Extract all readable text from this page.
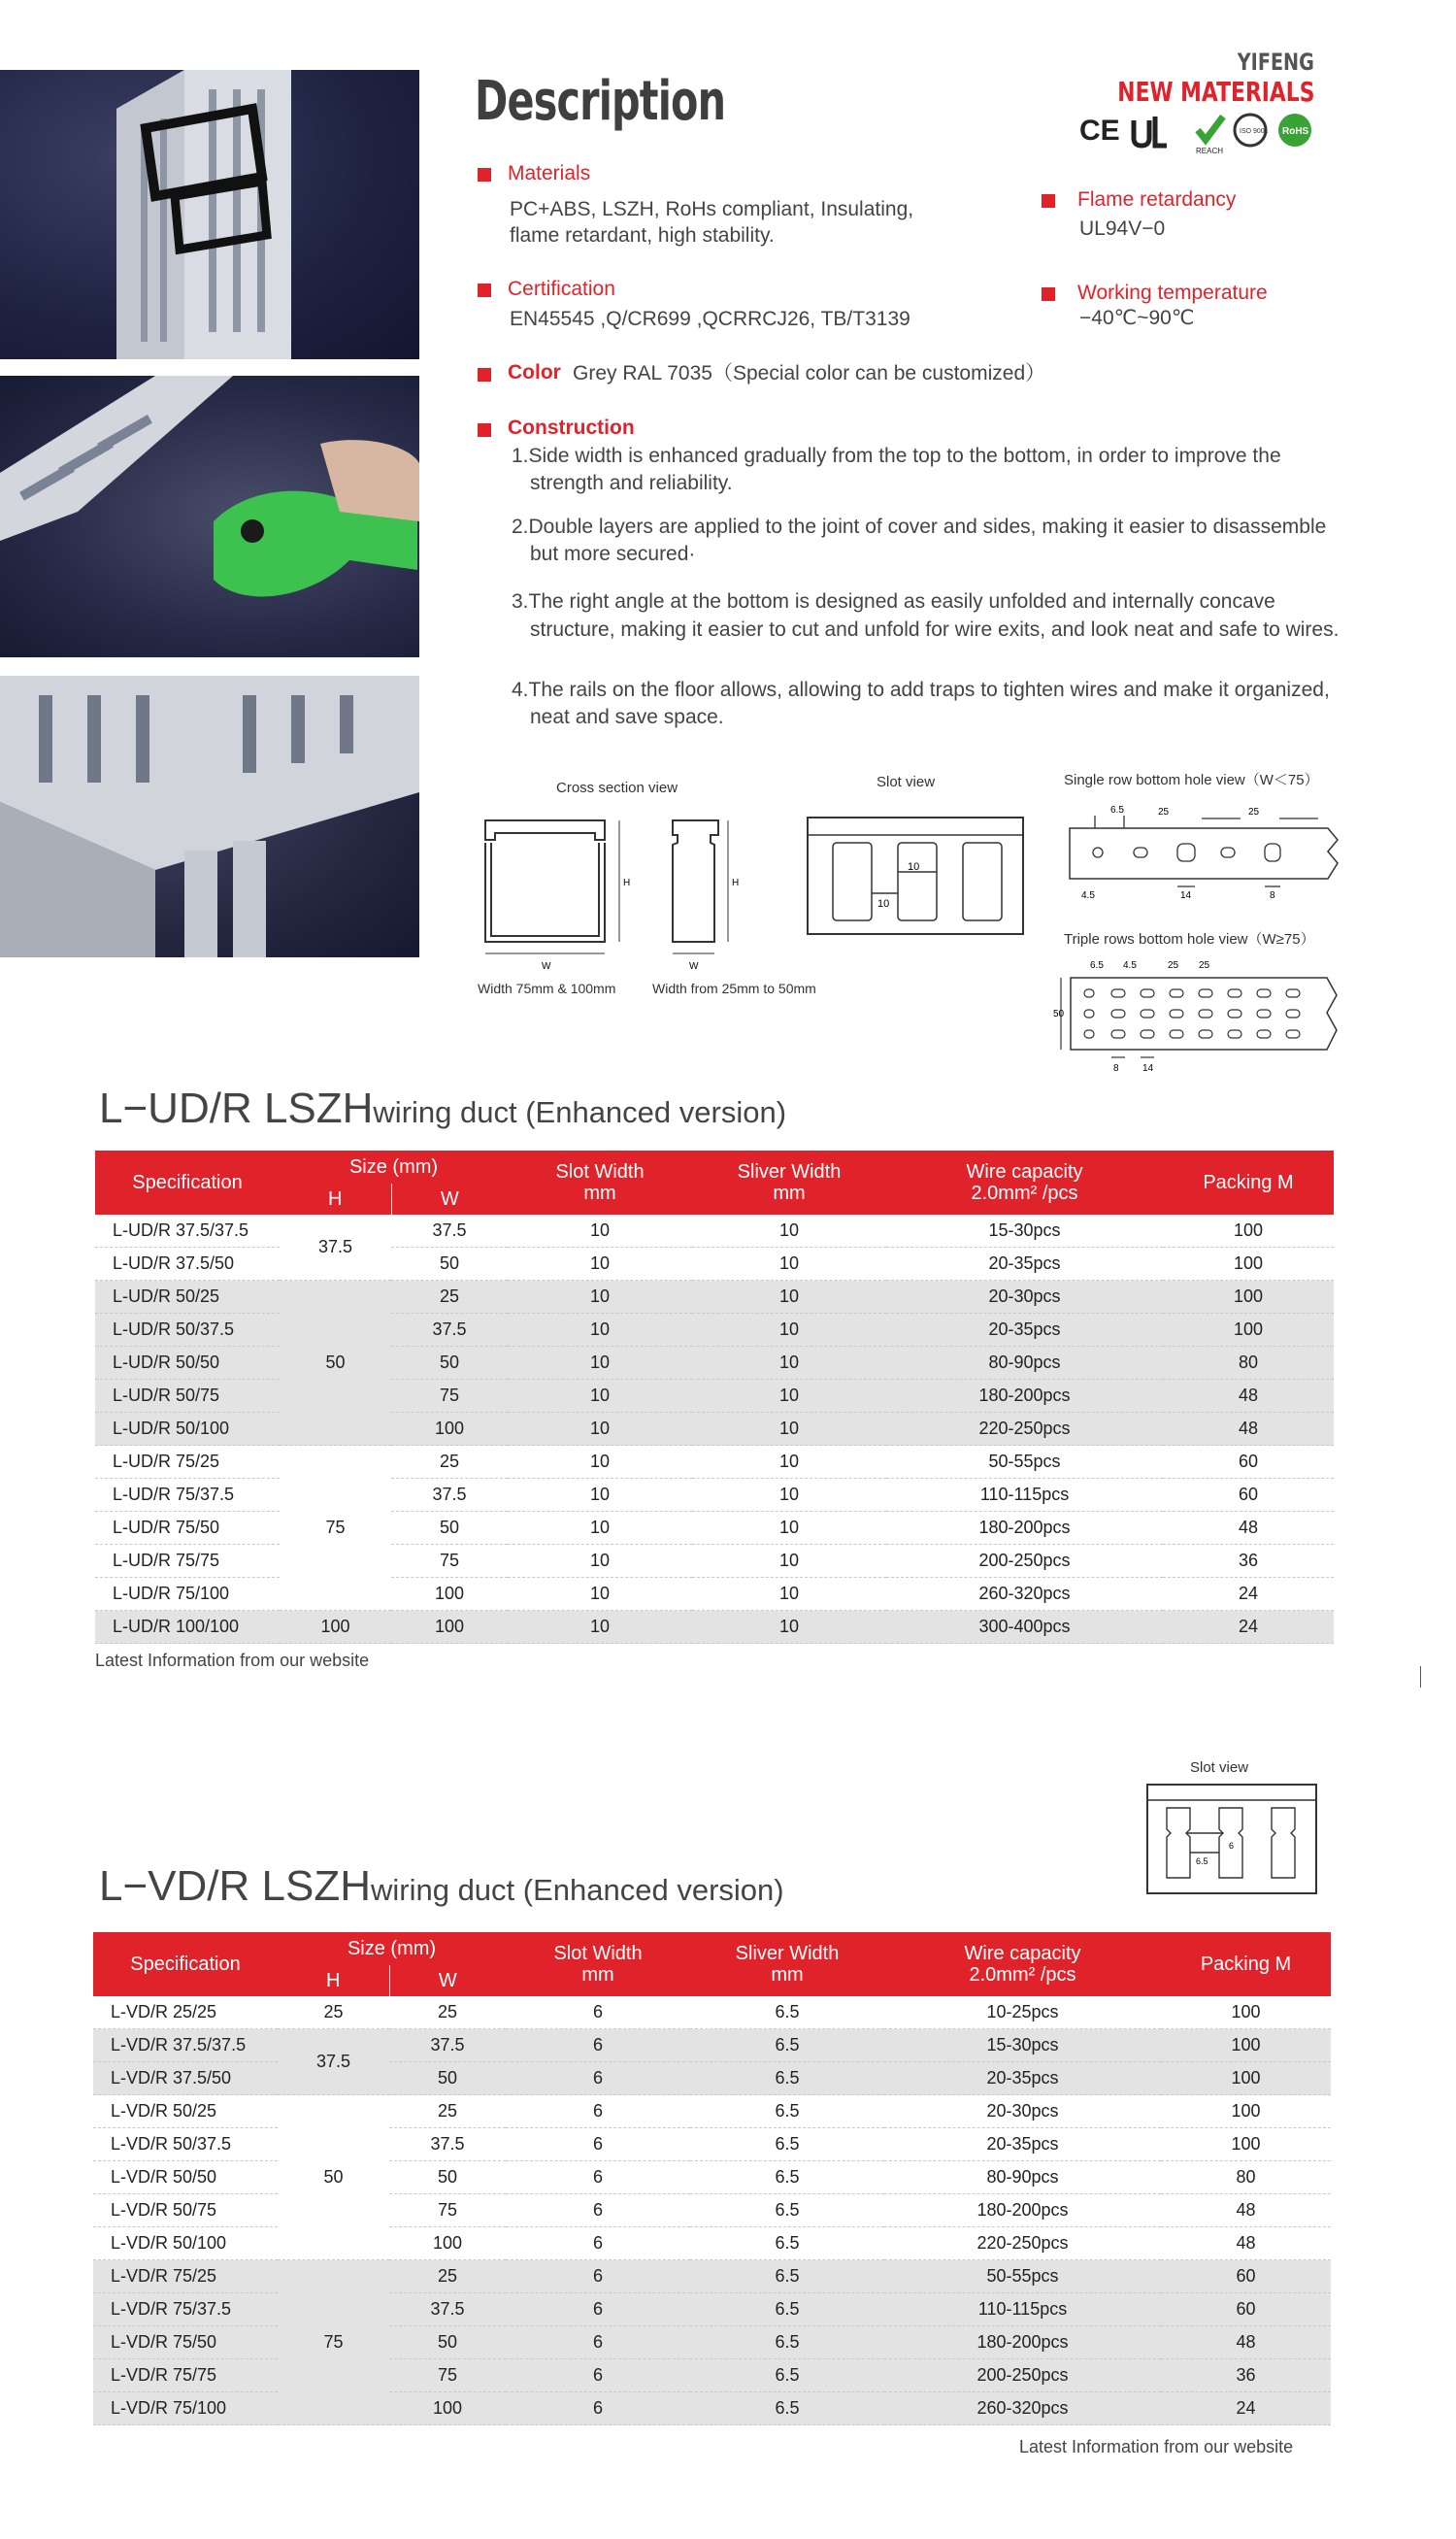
Description
YIFENG
NEW MATERIALS
CE
REACH
ISO 9001 RoHS
Materials
PC+ABS, LSZH, RoHs compliant, Insulating,
flame retardant, high stability.
Flame retardancy
UL94V−0
Certification
EN45545 ,Q/CR699 ,QCRRCJ26, TB/T3139
Working temperature
−40℃~90℃
Color Grey RAL 7035（Special color can be customized）
Construction
1.Side width is enhanced gradually from the top to the bottom, in order to improve the
strength and reliability.
2.Double layers are applied to the joint of cover and sides, making it easier to disassemble
but more secured·
3.The right angle at the bottom is designed as easily unfolded and internally concave
structure, making it easier to cut and unfold for wire exits, and look neat and safe to wires.
4.The rails on the floor allows, allowing to add traps to tighten wires and make it organized,
neat and save space.
Cross section view	Slot view	Single row bottom hole view（W＜75）
Triple rows bottom hole view（W≥75）
Width 75mm & 100mm	Width from 25mm to 50mm
W	W
H	H
10
10
6.5	25	25
4.5	14	8
6.5 4.5	25 25
50
8 14
L−UD/R LSZHwiring duct (Enhanced version)
Specification	Size (mm)		Slot Width
mm	Sliver Width
mm	Wire capacity
2.0mm² /pcs	Packing M
	H	W				
L-UD/R 37.5/37.5	37.5	37.5	10	10	15-30pcs	100
L-UD/R 37.5/50		50	10	10	20-35pcs	100
L-UD/R 50/25	50	25	10	10	20-30pcs	100
L-UD/R 50/37.5		37.5	10	10	20-35pcs	100
L-UD/R 50/50		50	10	10	80-90pcs	80
L-UD/R 50/75		75	10	10	180-200pcs	48
L-UD/R 50/100		100	10	10	220-250pcs	48
L-UD/R 75/25	75	25	10	10	50-55pcs	60
L-UD/R 75/37.5		37.5	10	10	110-115pcs	60
L-UD/R 75/50		50	10	10	180-200pcs	48
L-UD/R 75/75		75	10	10	200-250pcs	36
L-UD/R 75/100		100	10	10	260-320pcs	24
L-UD/R 100/100	100	100	10	10	300-400pcs	24
Latest Information from our website
Slot view
6
6.5
L−VD/R LSZHwiring duct (Enhanced version)
Specification	Size (mm)		Slot Width
mm	Sliver Width
mm	Wire capacity
2.0mm² /pcs	Packing M
	H	W				
L-VD/R 25/25	25	25	6	6.5	10-25pcs	100
L-VD/R 37.5/37.5	37.5	37.5	6	6.5	15-30pcs	100
L-VD/R 37.5/50		50	6	6.5	20-35pcs	100
L-VD/R 50/25	50	25	6	6.5	20-30pcs	100
L-VD/R 50/37.5		37.5	6	6.5	20-35pcs	100
L-VD/R 50/50		50	6	6.5	80-90pcs	80
L-VD/R 50/75		75	6	6.5	180-200pcs	48
L-VD/R 50/100		100	6	6.5	220-250pcs	48
L-VD/R 75/25	75	25	6	6.5	50-55pcs	60
L-VD/R 75/37.5		37.5	6	6.5	110-115pcs	60
L-VD/R 75/50		50	6	6.5	180-200pcs	48
L-VD/R 75/75		75	6	6.5	200-250pcs	36
L-VD/R 75/100		100	6	6.5	260-320pcs	24
Latest Information from our website
